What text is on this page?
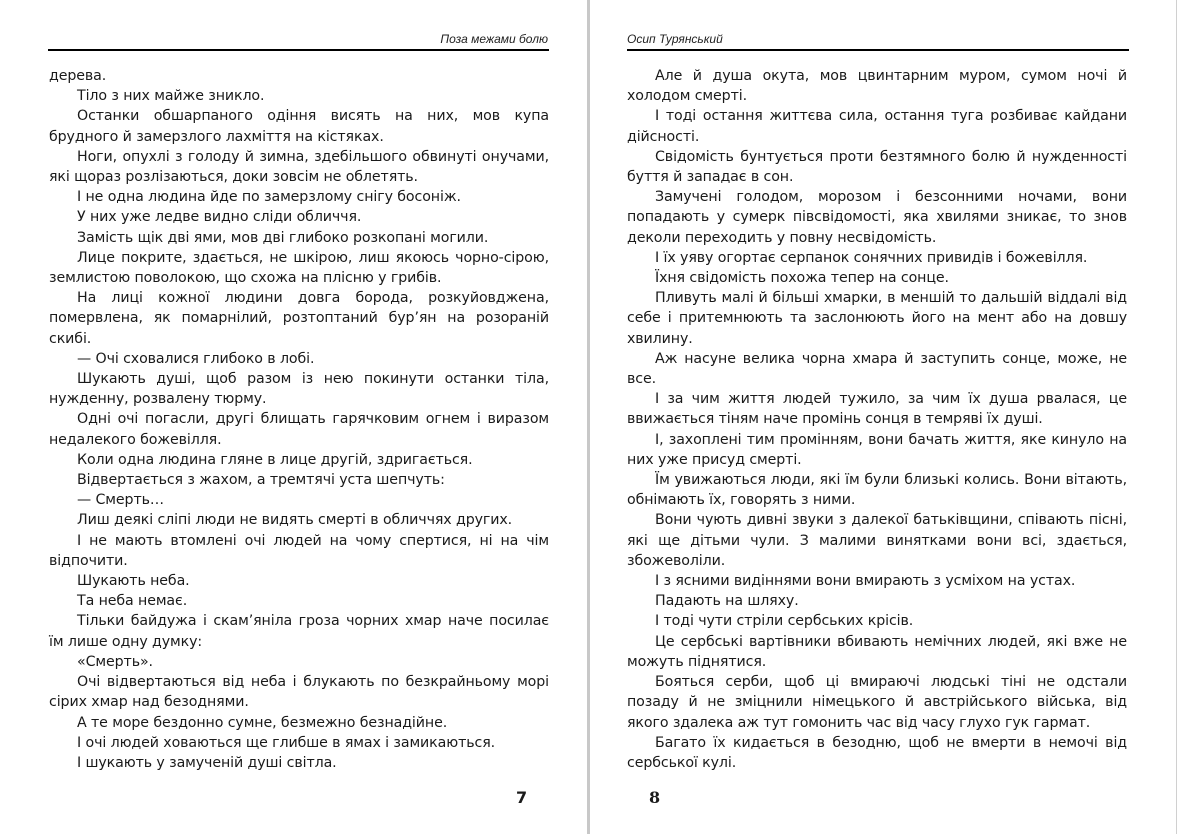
Поза межами болю

дерева.

Тіло з них майже зникло.

Останки обшарпаного одіння висять на них, мов купа брудного й замерзлого лахміття на кістяках.

Ноги, опухлі з голоду й зимна, здебільшого обвинуті онучами, які щораз розлізаються, доки зовсім не облетять.

І не одна людина йде по замерзлому снігу босоніж.

У них уже ледве видно сліди обличчя.

Замість щік дві ями, мов дві глибоко розкопані могили.

Лице покрите, здається, не шкірою, лиш якоюсь чорно-сірою, землистою поволокою, що схожа на плісню у грибів.

На лиці кожної людини довга борода, розкуйовджена, помервлена, як помарнілий, розтоптаний бур’ян на розораній скибі.

— Очі сховалися глибоко в лобі.

Шукають душі, щоб разом із нею покинути останки тіла, нужденну, розвалену тюрму.

Одні очі погасли, другі блищать гарячковим огнем і виразом недалекого божевілля.

Коли одна людина гляне в лице другій, здригається.

Відвертається з жахом, а тремтячі уста шепчуть:

— Смерть…

Лиш деякі сліпі люди не видять смерті в обличчях других.

І не мають втомлені очі людей на чому спертися, ні на чім відпочити.

Шукають неба.

Та неба немає.

Тільки байдужа і скам’яніла гроза чорних хмар наче посилає їм лише одну думку:

«Смерть».

Очі відвертаються від неба і блукають по безкрайньому морі сірих хмар над безоднями.

А те море бездонно сумне, безмежно безнадійне.

І очі людей ховаються ще глибше в ямах і замикаються.

І шукають у замученій душі світла.

7
Осип Турянський

Але й душа окута, мов цвинтарним муром, сумом ночі й холодом смерті.

І тоді остання життєва сила, остання туга розбиває кайдани дійсності.

Свідомість бунтується проти безтямного болю й нужденності буття й западає в сон.

Замучені голодом, морозом і безсонними ночами, вони попадають у сумерк півсвідомості, яка хвилями зникає, то знов деколи переходить у повну несвідомість.

І їх уяву огортає серпанок сонячних привидів і божевілля.

Їхня свідомість похожа тепер на сонце.

Пливуть малі й більші хмарки, в меншій то дальшій віддалі від себе і притемнюють та заслонюють його на мент або на довшу хвилину.

Аж насуне велика чорна хмара й заступить сонце, може, не все.

І за чим життя людей тужило, за чим їх душа рвалася, це ввижається тіням наче промінь сонця в темряві їх душі.

І, захоплені тим промінням, вони бачать життя, яке кинуло на них уже присуд смерті.

Їм увижаються люди, які їм були близькі колись. Вони вітають, обнімають їх, говорять з ними.

Вони чують дивні звуки з далекої батьківщини, співають пісні, які ще дітьми чули. З малими винятками вони всі, здається, збожеволіли.

І з ясними видіннями вони вмирають з усміхом на устах.

Падають на шляху.

І тоді чути стріли сербських крісів.

Це сербські вартівники вбивають немічних людей, які вже не можуть піднятися.

Бояться серби, щоб ці вмираючі людські тіні не одстали позаду й не зміцнили німецького й австрійського війська, від якого здалека аж тут гомонить час від часу глухо гук гармат.

Багато їх кидається в безодню, щоб не вмерти в немочі від сербської кулі.

8
